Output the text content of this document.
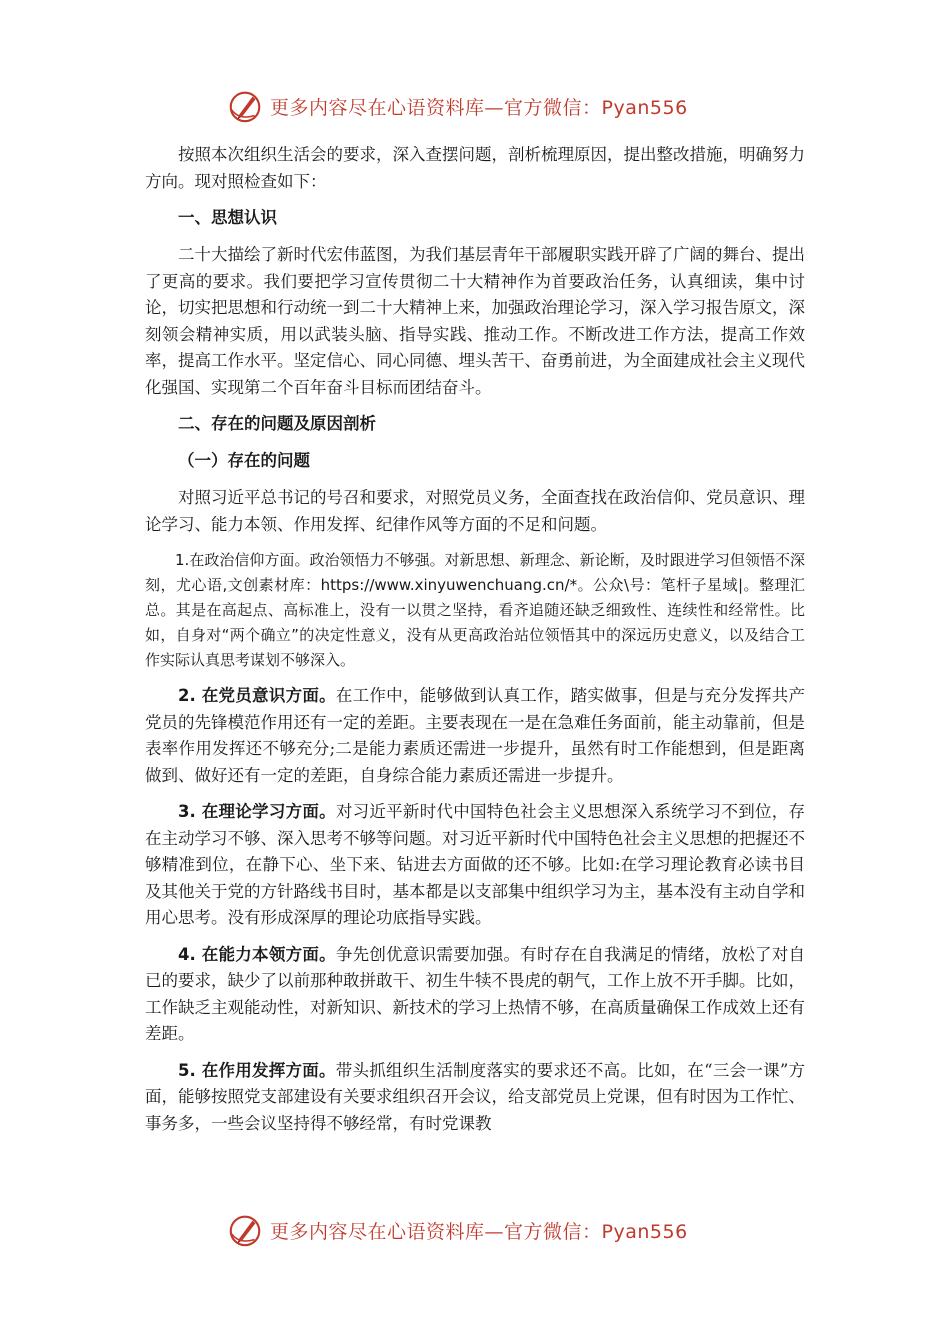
更多内容尽在心语资料库—官方微信：Pyan556

按照本次组织生活会的要求，深入查摆问题，剖析梳理原因，提出整改措施，明确努力方向。现对照检查如下：

一、思想认识

二十大描绘了新时代宏伟蓝图，为我们基层青年干部履职实践开辟了广阔的舞台、提出了更高的要求。我们要把学习宣传贯彻二十大精神作为首要政治任务，认真细读，集中讨论，切实把思想和行动统一到二十大精神上来，加强政治理论学习，深入学习报告原文，深刻领会精神实质，用以武装头脑、指导实践、推动工作。不断改进工作方法，提高工作效率，提高工作水平。坚定信心、同心同德、埋头苦干、奋勇前进，为全面建成社会主义现代化强国、实现第二个百年奋斗目标而团结奋斗。

二、存在的问题及原因剖析

（一）存在的问题

对照习近平总书记的号召和要求，对照党员义务，全面查找在政治信仰、党员意识、理论学习、能力本领、作用发挥、纪律作风等方面的不足和问题。

1.在政治信仰方面。政治领悟力不够强。对新思想、新理念、新论断，及时跟进学习但领悟不深刻，尤心语,文创素材库：https://www.xinyuwenchuang.cn/*。公众\号：笔杆子星域|。整理汇总。其是在高起点、高标准上，没有一以贯之坚持，看齐追随还缺乏细致性、连续性和经常性。比如，自身对“两个确立”的决定性意义，没有从更高政治站位领悟其中的深远历史意义，以及结合工作实际认真思考谋划不够深入。

2. 在党员意识方面。在工作中，能够做到认真工作，踏实做事，但是与充分发挥共产党员的先锋模范作用还有一定的差距。主要表现在一是在急难任务面前，能主动靠前，但是表率作用发挥还不够充分;二是能力素质还需进一步提升，虽然有时工作能想到，但是距离做到、做好还有一定的差距，自身综合能力素质还需进一步提升。

3. 在理论学习方面。对习近平新时代中国特色社会主义思想深入系统学习不到位，存在主动学习不够、深入思考不够等问题。对习近平新时代中国特色社会主义思想的把握还不够精准到位，在静下心、坐下来、钻进去方面做的还不够。比如:在学习理论教育必读书目及其他关于党的方针路线书目时，基本都是以支部集中组织学习为主，基本没有主动自学和用心思考。没有形成深厚的理论功底指导实践。

4. 在能力本领方面。争先创优意识需要加强。有时存在自我满足的情绪，放松了对自已的要求，缺少了以前那种敢拼敢干、初生牛犊不畏虎的朝气，工作上放不开手脚。比如，工作缺乏主观能动性，对新知识、新技术的学习上热情不够，在高质量确保工作成效上还有差距。

5. 在作用发挥方面。带头抓组织生活制度落实的要求还不高。比如，在“三会一课”方面，能够按照党支部建设有关要求组织召开会议，给支部党员上党课，但有时因为工作忙、事务多，一些会议坚持得不够经常，有时党课教

更多内容尽在心语资料库—官方微信：Pyan556
